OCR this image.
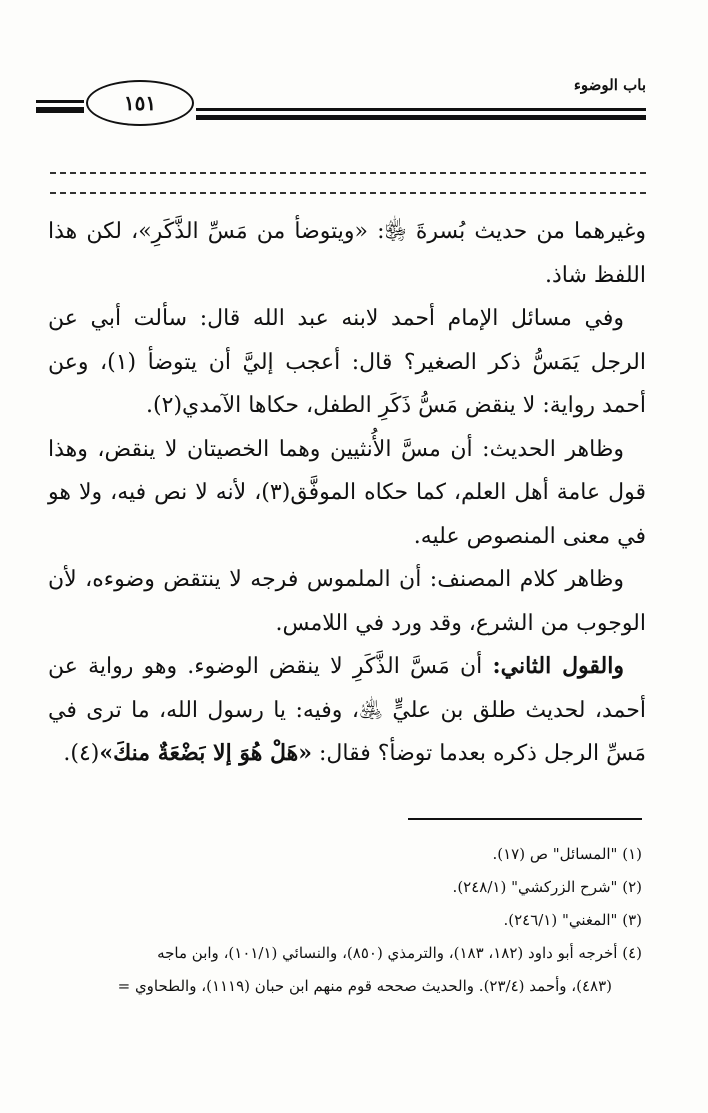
١٥١
باب الوضوء

وغيرهما من حديث بُسرةَ ﵂: «ويتوضأ من مَسِّ الذَّكَرِ»، لكن هذا اللفظ شاذ.

وفي مسائل الإمام أحمد لابنه عبد الله قال: سألت أبي عن الرجل يَمَسُّ ذكر الصغير؟ قال: أعجب إليَّ أن يتوضأ (١)، وعن أحمد رواية: لا ينقض مَسُّ ذَكَرِ الطفل، حكاها الآمدي(٢).

وظاهر الحديث: أن مسَّ الأُنثيين وهما الخصيتان لا ينقض، وهذا قول عامة أهل العلم، كما حكاه الموفَّق(٣)، لأنه لا نص فيه، ولا هو في معنى المنصوص عليه.

وظاهر كلام المصنف: أن الملموس فرجه لا ينتقض وضوءه، لأن الوجوب من الشرع، وقد ورد في اللامس.

والقول الثاني: أن مَسَّ الذَّكَرِ لا ينقض الوضوء. وهو رواية عن أحمد، لحديث طلق بن عليٍّ ﵁، وفيه: يا رسول الله، ما ترى في مَسِّ الرجل ذكره بعدما توضأ؟ فقال: «هَلْ هُوَ إلا بَضْعَةٌ منكَ»(٤).

(١) "المسائل" ص (١٧).

(٢) "شرح الزركشي" (٢٤٨/١).

(٣) "المغني" (٢٤٦/١).

(٤) أخرجه أبو داود (١٨٢، ١٨٣)، والترمذي (٨٥٠)، والنسائي (١٠١/١)، وابن ماجه

(٤٨٣)، وأحمد (٢٣/٤). والحديث صححه قوم منهم ابن حبان (١١١٩)، والطحاوي =
